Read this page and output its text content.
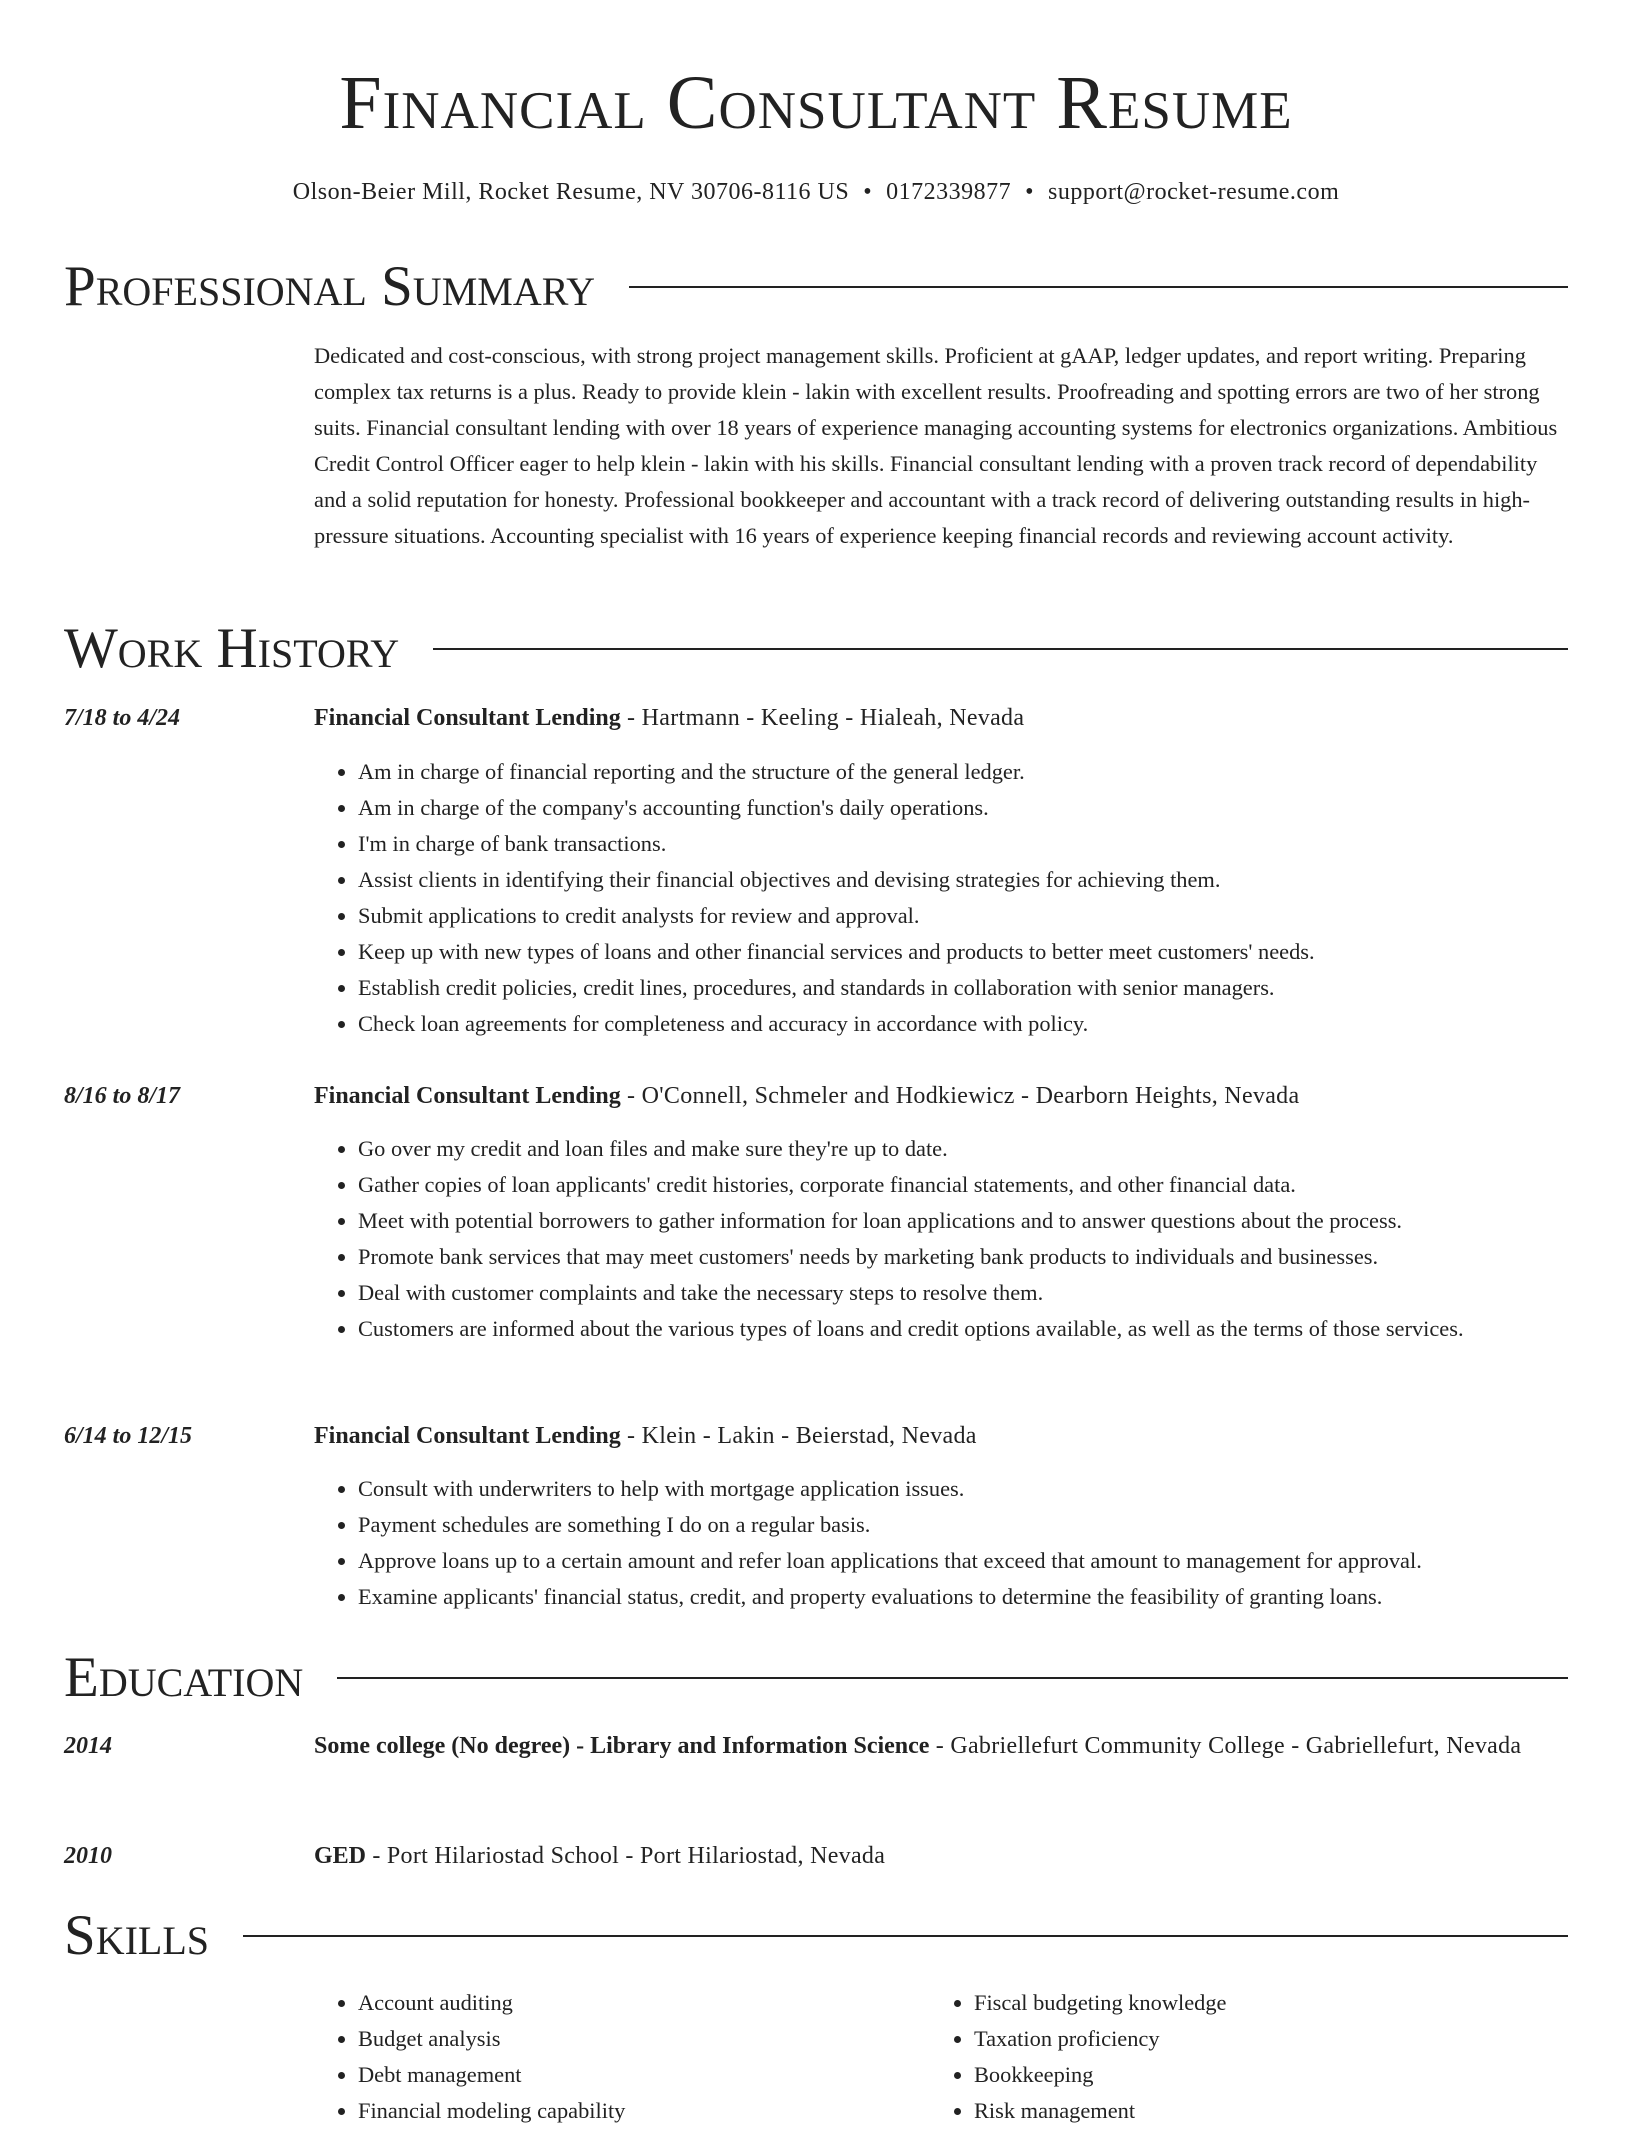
Financial Consultant Resume
Olson-Beier Mill, Rocket Resume, NV 30706-8116 US • 0172339877 • support@rocket-resume.com
Professional Summary
Dedicated and cost-conscious, with strong project management skills. Proficient at gAAP, ledger updates, and report writing. Preparing complex tax returns is a plus. Ready to provide klein - lakin with excellent results. Proofreading and spotting errors are two of her strong suits. Financial consultant lending with over 18 years of experience managing accounting systems for electronics organizations. Ambitious Credit Control Officer eager to help klein - lakin with his skills. Financial consultant lending with a proven track record of dependability and a solid reputation for honesty. Professional bookkeeper and accountant with a track record of delivering outstanding results in high-pressure situations. Accounting specialist with 16 years of experience keeping financial records and reviewing account activity.
Work History
7/18 to 4/24	Financial Consultant Lending - Hartmann - Keeling - Hialeah, Nevada
• Am in charge of financial reporting and the structure of the general ledger.
• Am in charge of the company's accounting function's daily operations.
• I'm in charge of bank transactions.
• Assist clients in identifying their financial objectives and devising strategies for achieving them.
• Submit applications to credit analysts for review and approval.
• Keep up with new types of loans and other financial services and products to better meet customers' needs.
• Establish credit policies, credit lines, procedures, and standards in collaboration with senior managers.
• Check loan agreements for completeness and accuracy in accordance with policy.
8/16 to 8/17	Financial Consultant Lending - O'Connell, Schmeler and Hodkiewicz - Dearborn Heights, Nevada
• Go over my credit and loan files and make sure they're up to date.
• Gather copies of loan applicants' credit histories, corporate financial statements, and other financial data.
• Meet with potential borrowers to gather information for loan applications and to answer questions about the process.
• Promote bank services that may meet customers' needs by marketing bank products to individuals and businesses.
• Deal with customer complaints and take the necessary steps to resolve them.
• Customers are informed about the various types of loans and credit options available, as well as the terms of those services.
6/14 to 12/15	Financial Consultant Lending - Klein - Lakin - Beierstad, Nevada
• Consult with underwriters to help with mortgage application issues.
• Payment schedules are something I do on a regular basis.
• Approve loans up to a certain amount and refer loan applications that exceed that amount to management for approval.
• Examine applicants' financial status, credit, and property evaluations to determine the feasibility of granting loans.
Education
2014	Some college (No degree) - Library and Information Science - Gabriellefurt Community College - Gabriellefurt, Nevada
2010	GED - Port Hilariostad School - Port Hilariostad, Nevada
Skills
• Account auditing
• Budget analysis
• Debt management
• Financial modeling capability
• Fiscal budgeting knowledge
• Taxation proficiency
• Bookkeeping
• Risk management
